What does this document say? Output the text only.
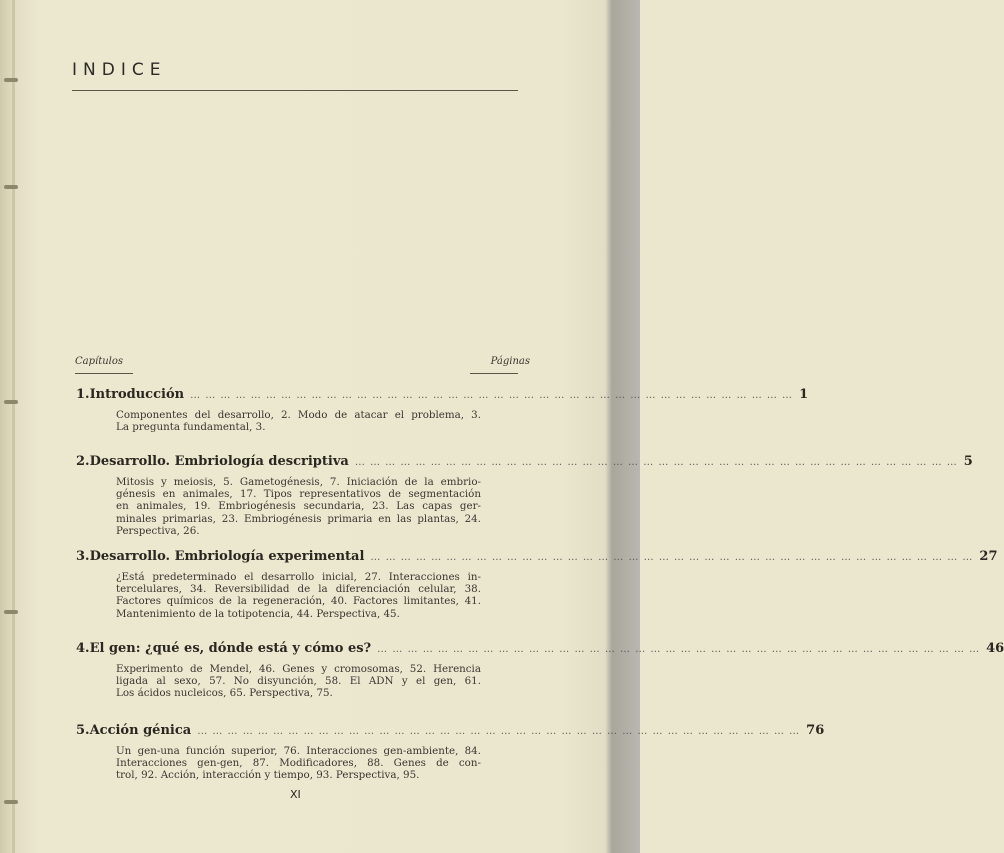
INDICE
Capítulos	Páginas
1. Introducción … … … … … … … … … … … … … … … … … … … … … … … … … … … … … … … … … … … … … … … … 1
Componentes del desarrollo, 2. Modo de atacar el problema, 3.
La pregunta fundamental, 3.
2. Desarrollo. Embriología descriptiva … … … … … … … … … … … … … … … … … … … … … … … … … … … … … … … … … … … … … … … … 5
Mitosis y meiosis, 5. Gametogénesis, 7. Iniciación de la embrio-
génesis en animales, 17. Tipos representativos de segmentación
en animales, 19. Embriogénesis secundaria, 23. Las capas ger-
minales primarias, 23. Embriogénesis primaria en las plantas, 24.
Perspectiva, 26.
3. Desarrollo. Embriología experimental … … … … … … … … … … … … … … … … … … … … … … … … … … … … … … … … … … … … … … … … 27
¿Está predeterminado el desarrollo inicial, 27. Interacciones in-
tercelulares, 34. Reversibilidad de la diferenciación celular, 38.
Factores químicos de la regeneración, 40. Factores limitantes, 41.
Mantenimiento de la totipotencia, 44. Perspectiva, 45.
4. El gen: ¿qué es, dónde está y cómo es? … … … … … … … … … … … … … … … … … … … … … … … … … … … … … … … … … … … … … … … … 46
Experimento de Mendel, 46. Genes y cromosomas, 52. Herencia
ligada al sexo, 57. No disyunción, 58. El ADN y el gen, 61.
Los ácidos nucleicos, 65. Perspectiva, 75.
5. Acción génica … … … … … … … … … … … … … … … … … … … … … … … … … … … … … … … … … … … … … … … … 76
Un gen-una función superior, 76. Interacciones gen-ambiente, 84.
Interacciones gen-gen, 87. Modificadores, 88. Genes de con-
trol, 92. Acción, interacción y tiempo, 93. Perspectiva, 95.
XI
